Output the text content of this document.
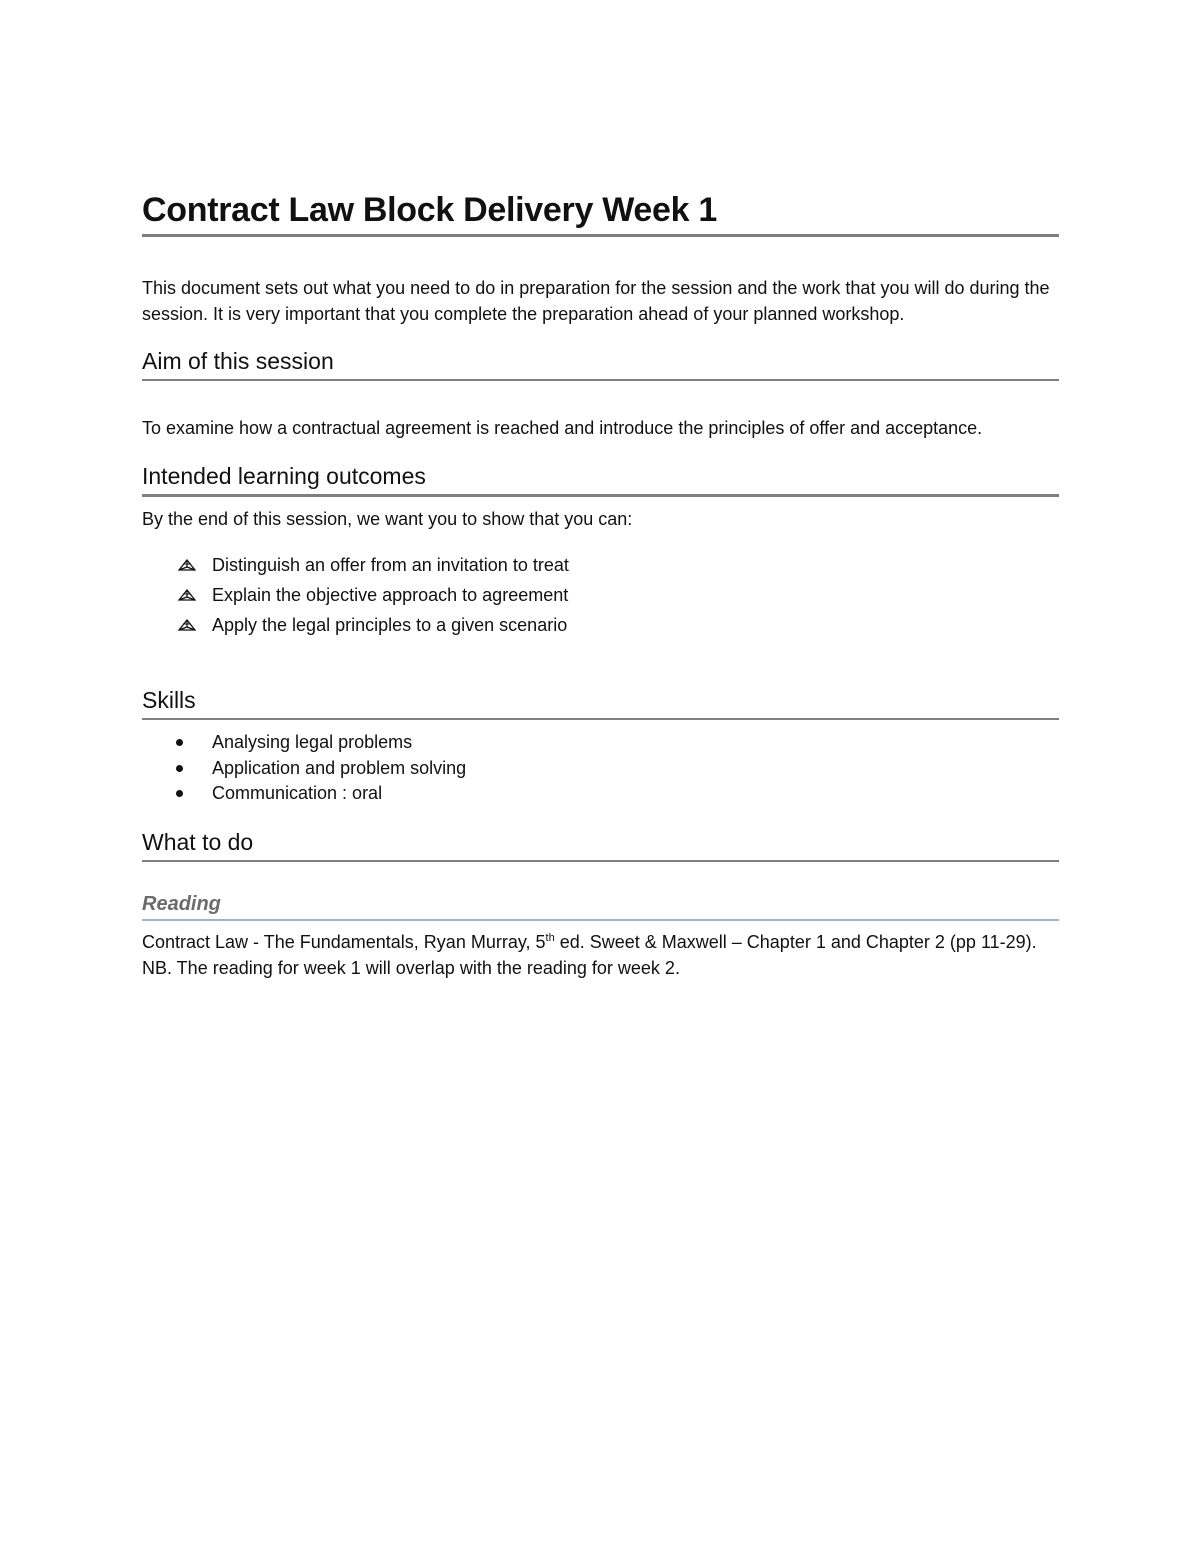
Contract Law Block Delivery Week 1

This document sets out what you need to do in preparation for the session and the work that you will do during the session. It is very important that you complete the preparation ahead of your planned workshop.

Aim of this session

To examine how a contractual agreement is reached and introduce the principles of offer and acceptance.

Intended learning outcomes

By the end of this session, we want you to show that you can:

Distinguish an offer from an invitation to treat
Explain the objective approach to agreement
Apply the legal principles to a given scenario
Skills
Analysing legal problems
Application and problem solving
Communication : oral
What to do
Reading

Contract Law - The Fundamentals, Ryan Murray, 5th ed. Sweet & Maxwell – Chapter 1 and Chapter 2 (pp 11-29).

NB. The reading for week 1 will overlap with the reading for week 2.
